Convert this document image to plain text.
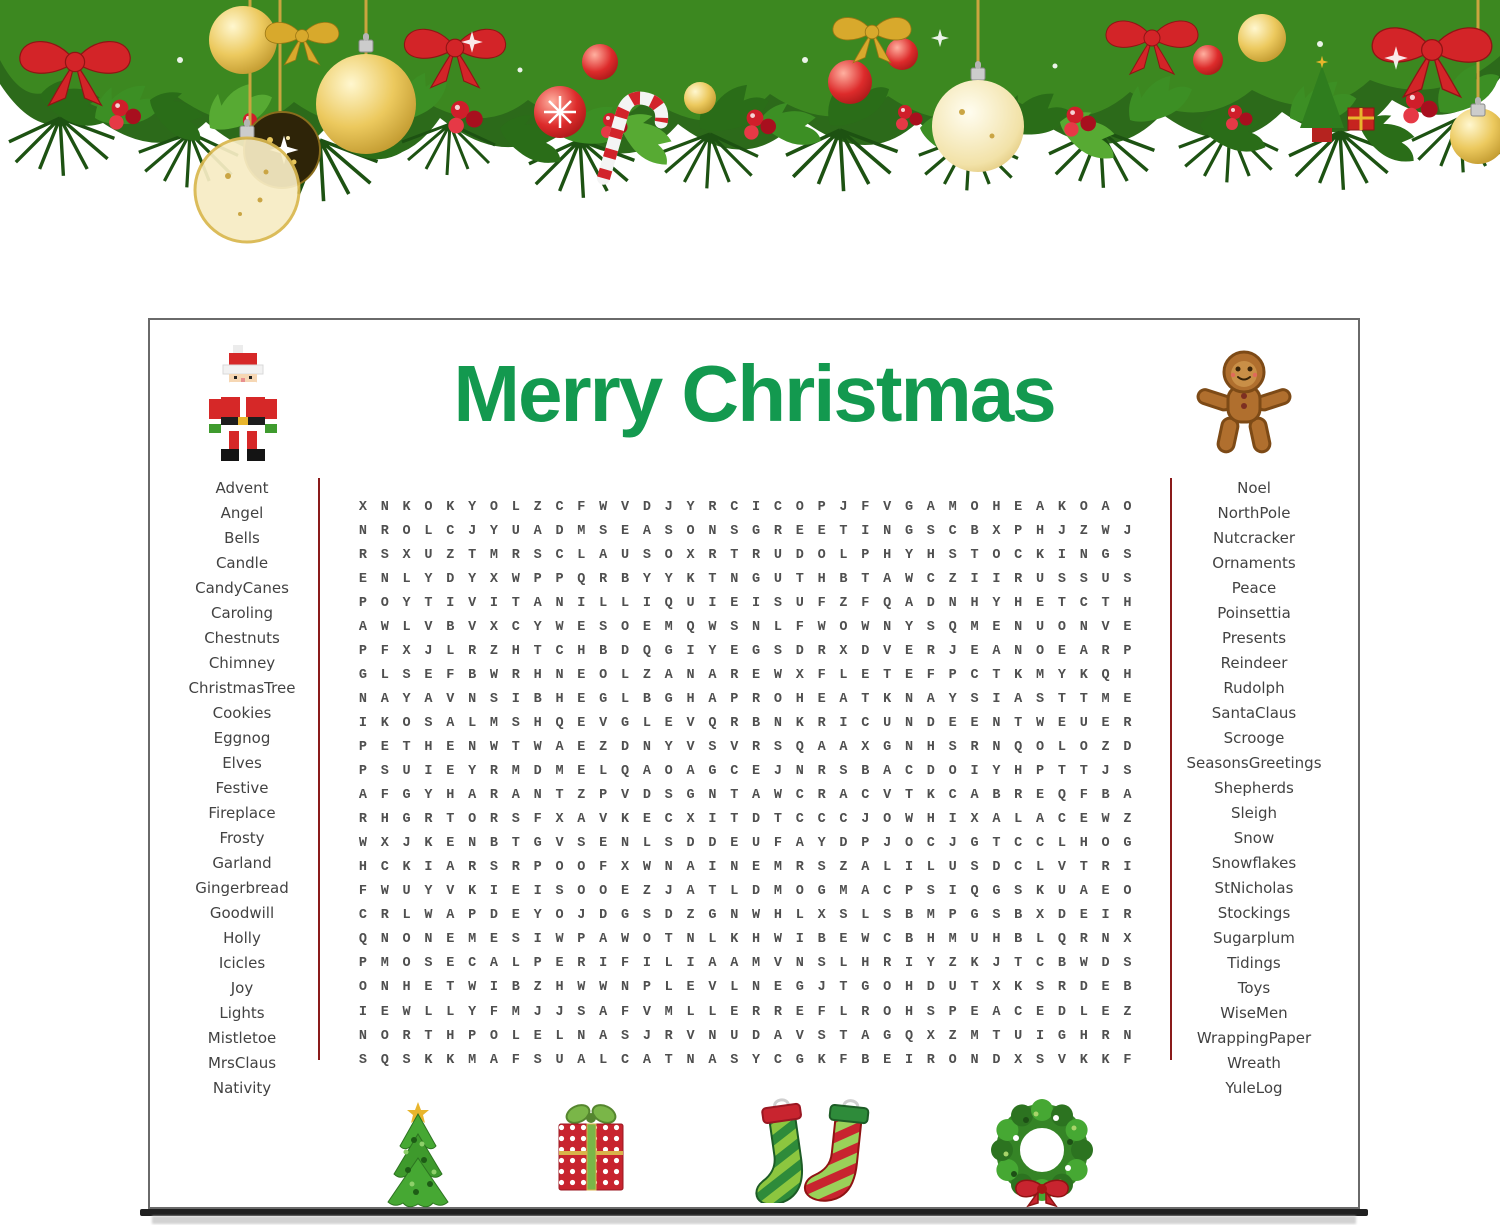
Merry Christmas
Advent
Angel
Bells
Candle
CandyCanes
Caroling
Chestnuts
Chimney
ChristmasTree
Cookies
Eggnog
Elves
Festive
Fireplace
Frosty
Garland
Gingerbread
Goodwill
Holly
Icicles
Joy
Lights
Mistletoe
MrsClaus
Nativity
Noel
NorthPole
Nutcracker
Ornaments
Peace
Poinsettia
Presents
Reindeer
Rudolph
SantaClaus
Scrooge
SeasonsGreetings
Shepherds
Sleigh
Snow
Snowflakes
StNicholas
Stockings
Sugarplum
Tidings
Toys
WiseMen
WrappingPaper
Wreath
YuleLog
X	N	K	O	K	Y	O	L	Z	C	F	W	V	D	J	Y	R	C	I	C	O	P	J	F	V	G	A	M	O	H	E	A	K	O	A	O
N	R	O	L	C	J	Y	U	A	D	M	S	E	A	S	O	N	S	G	R	E	E	T	I	N	G	S	C	B	X	P	H	J	Z	W	J
R	S	X	U	Z	T	M	R	S	C	L	A	U	S	O	X	R	T	R	U	D	O	L	P	H	Y	H	S	T	O	C	K	I	N	G	S
E	N	L	Y	D	Y	X	W	P	P	Q	R	B	Y	Y	K	T	N	G	U	T	H	B	T	A	W	C	Z	I	I	R	U	S	S	U	S
P	O	Y	T	I	V	I	T	A	N	I	L	L	I	Q	U	I	E	I	S	U	F	Z	F	Q	A	D	N	H	Y	H	E	T	C	T	H
A	W	L	V	B	V	X	C	Y	W	E	S	O	E	M	Q	W	S	N	L	F	W	O	W	N	Y	S	Q	M	E	N	U	O	N	V	E
P	F	X	J	L	R	Z	H	T	C	H	B	D	Q	G	I	Y	E	G	S	D	R	X	D	V	E	R	J	E	A	N	O	E	A	R	P
G	L	S	E	F	B	W	R	H	N	E	O	L	Z	A	N	A	R	E	W	X	F	L	E	T	E	F	P	C	T	K	M	Y	K	Q	H
N	A	Y	A	V	N	S	I	B	H	E	G	L	B	G	H	A	P	R	O	H	E	A	T	K	N	A	Y	S	I	A	S	T	T	M	E
I	K	O	S	A	L	M	S	H	Q	E	V	G	L	E	V	Q	R	B	N	K	R	I	C	U	N	D	E	E	N	T	W	E	U	E	R
P	E	T	H	E	N	W	T	W	A	E	Z	D	N	Y	V	S	V	R	S	Q	A	A	X	G	N	H	S	R	N	Q	O	L	O	Z	D
P	S	U	I	E	Y	R	M	D	M	E	L	Q	A	O	A	G	C	E	J	N	R	S	B	A	C	D	O	I	Y	H	P	T	T	J	S
A	F	G	Y	H	A	R	A	N	T	Z	P	V	D	S	G	N	T	A	W	C	R	A	C	V	T	K	C	A	B	R	E	Q	F	B	A
R	H	G	R	T	O	R	S	F	X	A	V	K	E	C	X	I	T	D	T	C	C	C	J	O	W	H	I	X	A	L	A	C	E	W	Z
W	X	J	K	E	N	B	T	G	V	S	E	N	L	S	D	D	E	U	F	A	Y	D	P	J	O	C	J	G	T	C	C	L	H	O	G
H	C	K	I	A	R	S	R	P	O	O	F	X	W	N	A	I	N	E	M	R	S	Z	A	L	I	L	U	S	D	C	L	V	T	R	I
F	W	U	Y	V	K	I	E	I	S	O	O	E	Z	J	A	T	L	D	M	O	G	M	A	C	P	S	I	Q	G	S	K	U	A	E	O
C	R	L	W	A	P	D	E	Y	O	J	D	G	S	D	Z	G	N	W	H	L	X	S	L	S	B	M	P	G	S	B	X	D	E	I	R
Q	N	O	N	E	M	E	S	I	W	P	A	W	O	T	N	L	K	H	W	I	B	E	W	C	B	H	M	U	H	B	L	Q	R	N	X
P	M	O	S	E	C	A	L	P	E	R	I	F	I	L	I	A	A	M	V	N	S	L	H	R	I	Y	Z	K	J	T	C	B	W	D	S
O	N	H	E	T	W	I	B	Z	H	W	W	N	P	L	E	V	L	N	E	G	J	T	G	O	H	D	U	T	X	K	S	R	D	E	B
I	E	W	L	L	Y	F	M	J	J	S	A	F	V	M	L	L	E	R	R	E	F	L	R	O	H	S	P	E	A	C	E	D	L	E	Z
N	O	R	T	H	P	O	L	E	L	N	A	S	J	R	V	N	U	D	A	V	S	T	A	G	Q	X	Z	M	T	U	I	G	H	R	N
S	Q	S	K	K	M	A	F	S	U	A	L	C	A	T	N	A	S	Y	C	G	K	F	B	E	I	R	O	N	D	X	S	V	K	K	F
